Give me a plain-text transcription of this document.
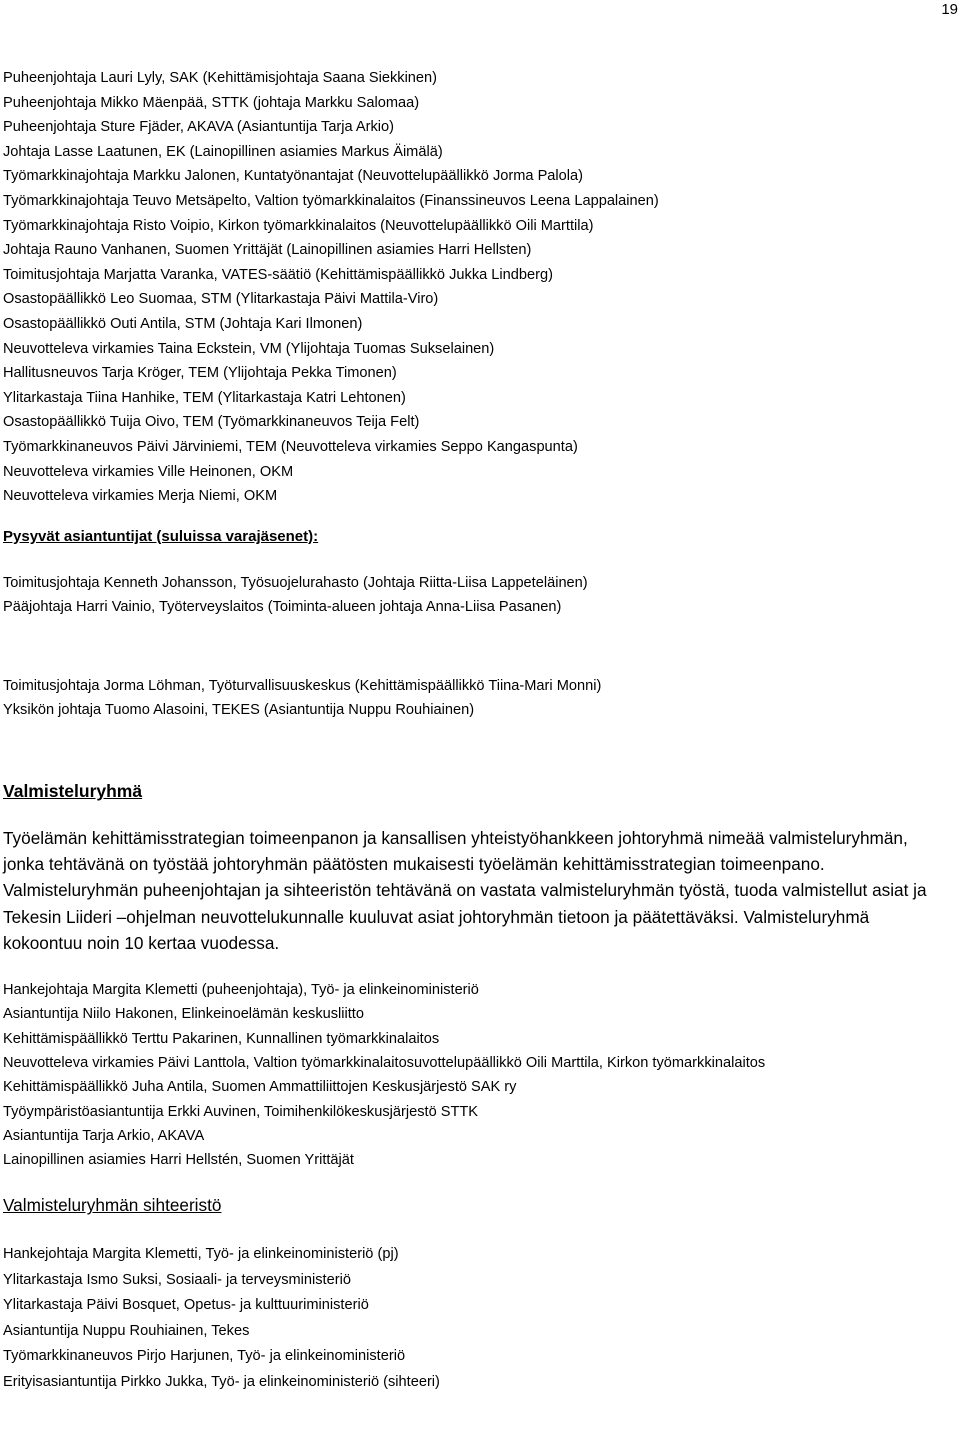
19
Puheenjohtaja Lauri Lyly, SAK (Kehittämisjohtaja Saana Siekkinen)
Puheenjohtaja Mikko Mäenpää, STTK (johtaja Markku Salomaa)
Puheenjohtaja Sture Fjäder, AKAVA (Asiantuntija Tarja Arkio)
Johtaja Lasse Laatunen, EK (Lainopillinen asiamies Markus Äimälä)
Työmarkkinajohtaja Markku Jalonen, Kuntatyönantajat (Neuvottelupäällikkö Jorma Palola)
Työmarkkinajohtaja Teuvo Metsäpelto, Valtion työmarkkinalaitos (Finanssineuvos Leena Lappalainen)
Työmarkkinajohtaja Risto Voipio, Kirkon työmarkkinalaitos (Neuvottelupäällikkö Oili Marttila)
Johtaja Rauno Vanhanen, Suomen Yrittäjät (Lainopillinen asiamies Harri Hellsten)
Toimitusjohtaja Marjatta Varanka, VATES-säätiö (Kehittämispäällikkö Jukka Lindberg)
Osastopäällikkö Leo Suomaa, STM (Ylitarkastaja Päivi Mattila-Viro)
Osastopäällikkö Outi Antila, STM (Johtaja Kari Ilmonen)
Neuvotteleva virkamies Taina Eckstein, VM (Ylijohtaja Tuomas Sukselainen)
Hallitusneuvos Tarja Kröger, TEM (Ylijohtaja Pekka Timonen)
Ylitarkastaja Tiina Hanhike, TEM (Ylitarkastaja Katri Lehtonen)
Osastopäällikkö Tuija Oivo, TEM (Työmarkkinaneuvos Teija Felt)
Työmarkkinaneuvos Päivi Järviniemi, TEM (Neuvotteleva virkamies Seppo Kangaspunta)
Neuvotteleva virkamies Ville Heinonen, OKM
Neuvotteleva virkamies Merja Niemi, OKM
Pysyvät asiantuntijat (suluissa varajäsenet):
Toimitusjohtaja Kenneth Johansson, Työsuojelurahasto (Johtaja Riitta-Liisa Lappeteläinen)
Pääjohtaja Harri Vainio, Työterveyslaitos (Toiminta-alueen johtaja Anna-Liisa Pasanen)
Toimitusjohtaja Jorma Löhman, Työturvallisuuskeskus (Kehittämispäällikkö Tiina-Mari Monni)
Yksikön johtaja Tuomo Alasoini, TEKES (Asiantuntija Nuppu Rouhiainen)
Valmisteluryhmä
Työelämän kehittämisstrategian toimeenpanon ja kansallisen yhteistyöhankkeen johtoryhmä nimeää valmisteluryhmän, jonka tehtävänä on työstää johtoryhmän päätösten mukaisesti työelämän kehittämisstrategian toimeenpano. Valmisteluryhmän puheenjohtajan ja sihteeristön tehtävänä on vastata valmisteluryhmän työstä, tuoda valmistellut asiat ja Tekesin Liideri –ohjelman neuvottelukunnalle kuuluvat asiat johtoryhmän tietoon ja päätettäväksi. Valmisteluryhmä kokoontuu noin 10 kertaa vuodessa.
Hankejohtaja Margita Klemetti (puheenjohtaja), Työ- ja elinkeinoministeriö
Asiantuntija Niilo Hakonen, Elinkeinoelämän keskusliitto
Kehittämispäällikkö Terttu Pakarinen, Kunnallinen työmarkkinalaitos
Neuvotteleva virkamies Päivi Lanttola, Valtion työmarkkinalaitosuvottelupäällikkö Oili Marttila, Kirkon työmarkkinalaitos
Kehittämispäällikkö Juha Antila, Suomen Ammattiliittojen Keskusjärjestö SAK ry
Työympäristöasiantuntija Erkki Auvinen, Toimihenkilökeskusjärjestö STTK
Asiantuntija Tarja Arkio, AKAVA
Lainopillinen asiamies Harri Hellstén, Suomen Yrittäjät
Valmisteluryhmän sihteeristö
Hankejohtaja Margita Klemetti, Työ- ja elinkeinoministeriö (pj)
Ylitarkastaja Ismo Suksi, Sosiaali- ja terveysministeriö
Ylitarkastaja Päivi Bosquet, Opetus- ja kulttuuriministeriö
Asiantuntija Nuppu Rouhiainen, Tekes
Työmarkkinaneuvos Pirjo Harjunen, Työ- ja elinkeinoministeriö
Erityisasiantuntija Pirkko Jukka, Työ- ja elinkeinoministeriö (sihteeri)
